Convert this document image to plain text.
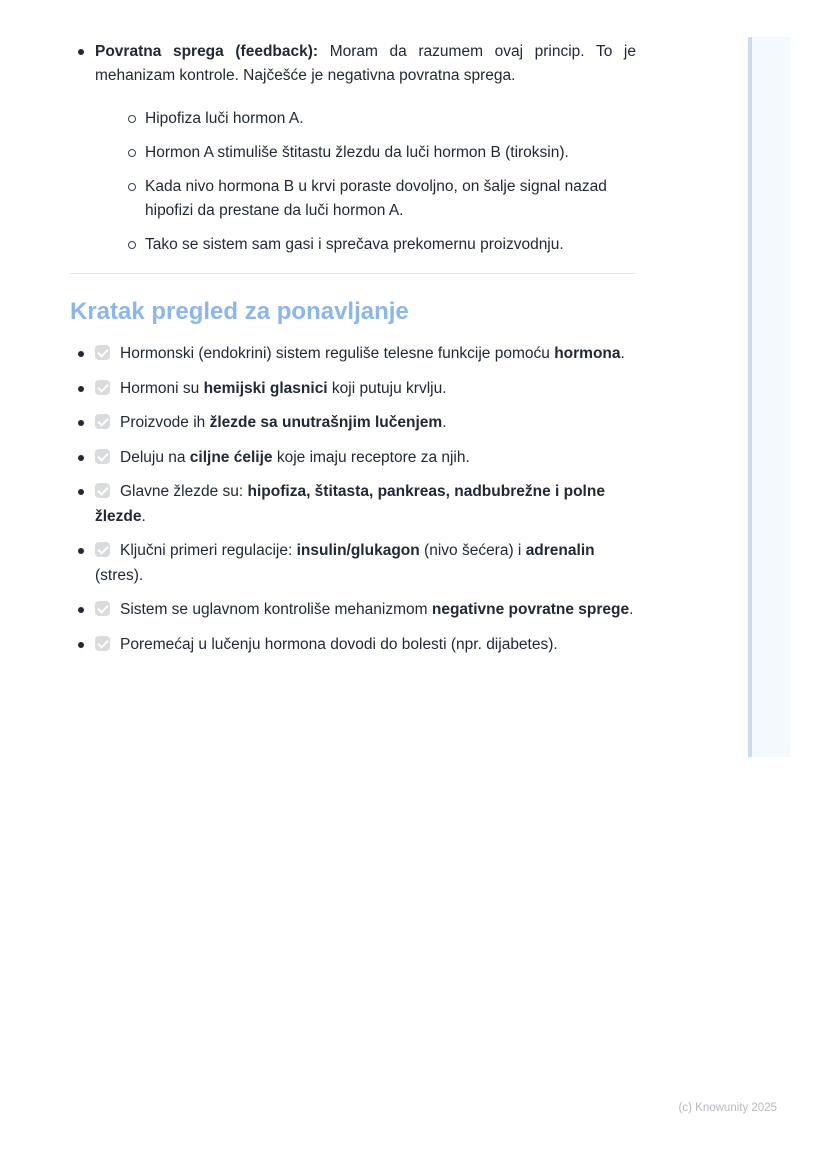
Povratna sprega (feedback): Moram da razumem ovaj princip. To je mehanizam kontrole. Najčešće je negativna povratna sprega.

Hipofiza luči hormon A.
Hormon A stimuliše štitastu žlezdu da luči hormon B (tiroksin).
Kada nivo hormona B u krvi poraste dovoljno, on šalje signal nazad hipofizi da prestane da luči hormon A.
Tako se sistem sam gasi i sprečava prekomernu proizvodnju.
Kratak pregled za ponavljanje
Hormonski (endokrini) sistem reguliše telesne funkcije pomoću hormona.
Hormoni su hemijski glasnici koji putuju krvlju.
Proizvode ih žlezde sa unutrašnjim lučenjem.
Deluju na ciljne ćelije koje imaju receptore za njih.
Glavne žlezde su: hipofiza, štitasta, pankreas, nadbubrežne i polne žlezde.
Ključni primeri regulacije: insulin/glukagon (nivo šećera) i adrenalin (stres).
Sistem se uglavnom kontroliše mehanizmom negativne povratne sprege.
Poremećaj u lučenju hormona dovodi do bolesti (npr. dijabetes).
(c) Knowunity 2025
